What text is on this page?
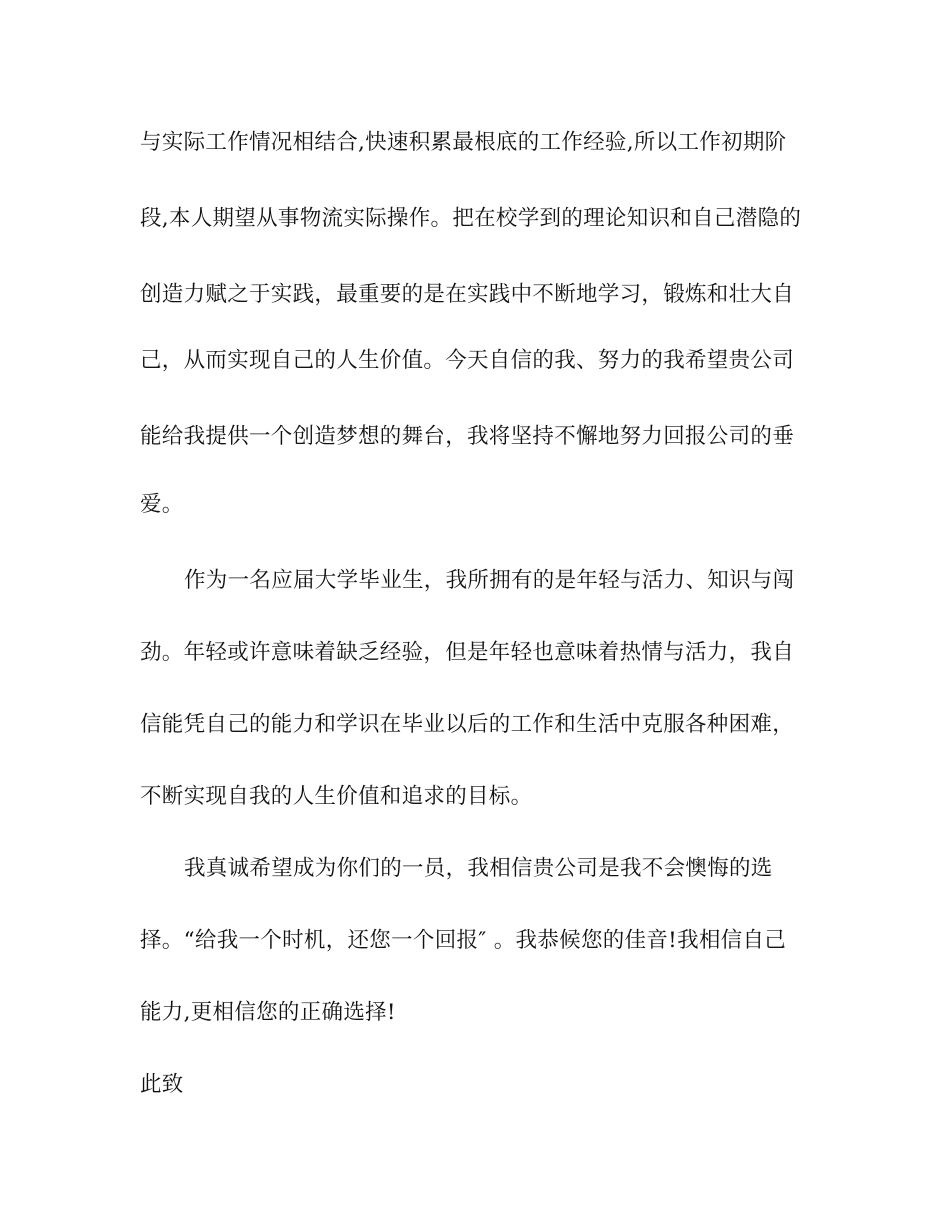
与实际工作情况相结合,快速积累最根底的工作经验,所以工作初期阶
段,本人期望从事物流实际操作。把在校学到的理论知识和自己潜隐的
创造力赋之于实践，最重要的是在实践中不断地学习，锻炼和壮大自
己，从而实现自己的人生价值。今天自信的我、努力的我希望贵公司
能给我提供一个创造梦想的舞台，我将坚持不懈地努力回报公司的垂
爱。
作为一名应届大学毕业生，我所拥有的是年轻与活力、知识与闯
劲。年轻或许意味着缺乏经验，但是年轻也意味着热情与活力，我自
信能凭自己的能力和学识在毕业以后的工作和生活中克服各种困难，
不断实现自我的人生价值和追求的目标。
我真诚希望成为你们的一员，我相信贵公司是我不会懊悔的选
择。“给我一个时机，还您一个回报″ 。我恭候您的佳音!我相信自己
能力,更相信您的正确选择!
此致
